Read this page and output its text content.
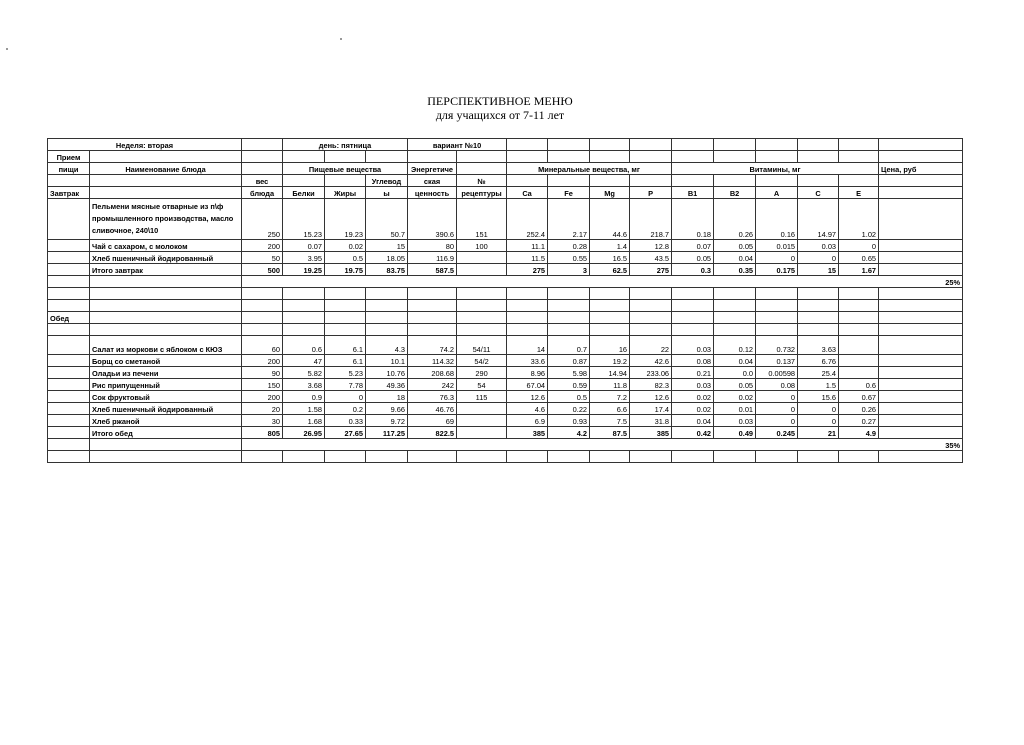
ПЕРСПЕКТИВНОЕ МЕНЮ
для учащихся от 7-11 лет
Неделя: вторая			день: пятница			вариант №10											
Прием																	
пищи	Наименование блюда		Пищевые вещества			Энергетиче		Минеральные вещества, мг				Витамины, мг					Цена, руб
		вес			Углевод	ская	№										
Завтрак		блюда	Белки	Жиры	ы	ценность	рецептуры	Ca	Fe	Mg	P	B1	B2	A	C	E	
	Пельмени мясные отварные из п\ф промышленного производства, масло сливочное, 240\10	250	15.23	19.23	50.7	390.6	151	252.4	2.17	44.6	218.7	0.18	0.26	0.16	14.97	1.02	
	Чай с сахаром, с молоком	200	0.07	0.02	15	80	100	11.1	0.28	1.4	12.8	0.07	0.05	0.015	0.03	0	
	Хлеб пшеничный йодированный	50	3.95	0.5	18.05	116.9		11.5	0.55	16.5	43.5	0.05	0.04	0	0	0.65	
	Итого завтрак	500	19.25	19.75	83.75	587.5		275	3	62.5	275	0.3	0.35	0.175	15	1.67	
		25%															

Обед																	

	Салат из моркови с яблоком с КЮЗ	60	0.6	6.1	4.3	74.2	54/11	14	0.7	16	22	0.03	0.12	0.732	3.63		
	Борщ со сметаной	200	47	6.1	10.1	114.32	54/2	33.6	0.87	19.2	42.6	0.08	0.04	0.137	6.76		
	Оладьи из печени	90	5.82	5.23	10.76	208.68	290	8.96	5.98	14.94	233.06	0.21	0.0	0.00598	25.4		
	Рис припущенный	150	3.68	7.78	49.36	242	54	67.04	0.59	11.8	82.3	0.03	0.05	0.08	1.5	0.6	
	Сок фруктовый	200	0.9	0	18	76.3	115	12.6	0.5	7.2	12.6	0.02	0.02	0	15.6	0.67	
	Хлеб пшеничный йодированный	20	1.58	0.2	9.66	46.76		4.6	0.22	6.6	17.4	0.02	0.01	0	0	0.26	
	Хлеб ржаной	30	1.68	0.33	9.72	69		6.9	0.93	7.5	31.8	0.04	0.03	0	0	0.27	
	Итого обед	805	26.95	27.65	117.25	822.5		385	4.2	87.5	385	0.42	0.49	0.245	21	4.9	
		35%															
